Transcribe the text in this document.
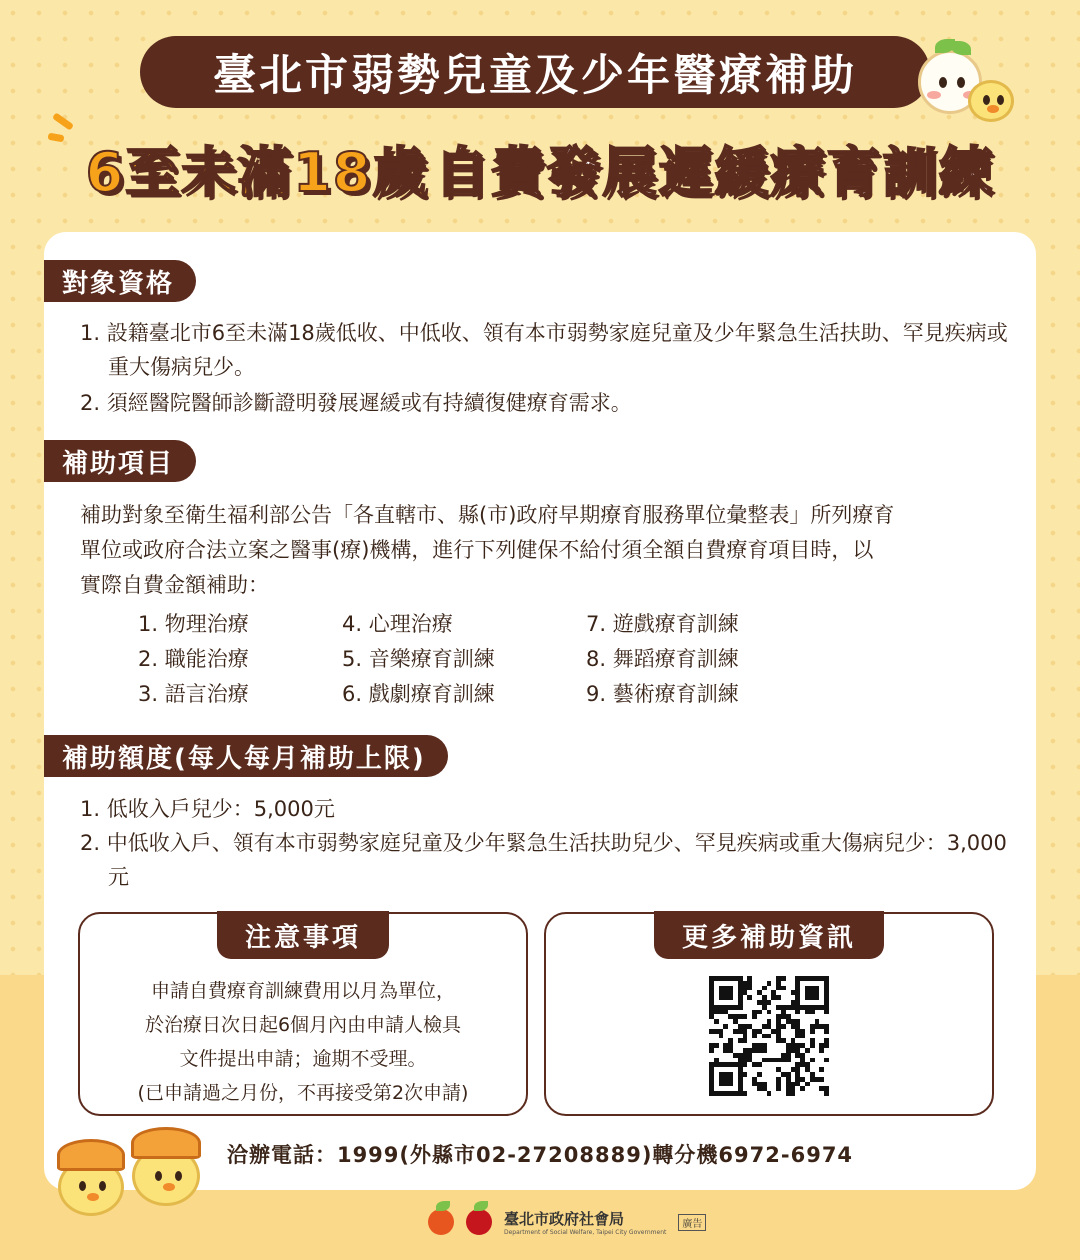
臺北市弱勢兒童及少年醫療補助
6至未滿18歲 自費發展遲緩療育訓練
對象資格
1. 設籍臺北市6至未滿18歲低收、中低收、領有本市弱勢家庭兒童及少年緊急生活扶助、罕見疾病或重大傷病兒少。
2. 須經醫院醫師診斷證明發展遲緩或有持續復健療育需求。
補助項目
補助對象至衛生福利部公告「各直轄市、縣(市)政府早期療育服務單位彙整表」所列療育
單位或政府合法立案之醫事(療)機構，進行下列健保不給付須全額自費療育項目時，以
實際自費金額補助：
1. 物理治療
2. 職能治療
3. 語言治療
4. 心理治療
5. 音樂療育訓練
6. 戲劇療育訓練
7. 遊戲療育訓練
8. 舞蹈療育訓練
9. 藝術療育訓練
補助額度(每人每月補助上限)
1. 低收入戶兒少：5,000元
2. 中低收入戶、領有本市弱勢家庭兒童及少年緊急生活扶助兒少、罕見疾病或重大傷病兒少：3,000元
注意事項
申請自費療育訓練費用以月為單位，
於治療日次日起6個月內由申請人檢具
文件提出申請；逾期不受理。
(已申請過之月份，不再接受第2次申請)
更多補助資訊
洽辦電話：1999(外縣市02-27208889)轉分機6972-6974
臺北市政府社會局
Department of Social Welfare, Taipei City Government
廣告
